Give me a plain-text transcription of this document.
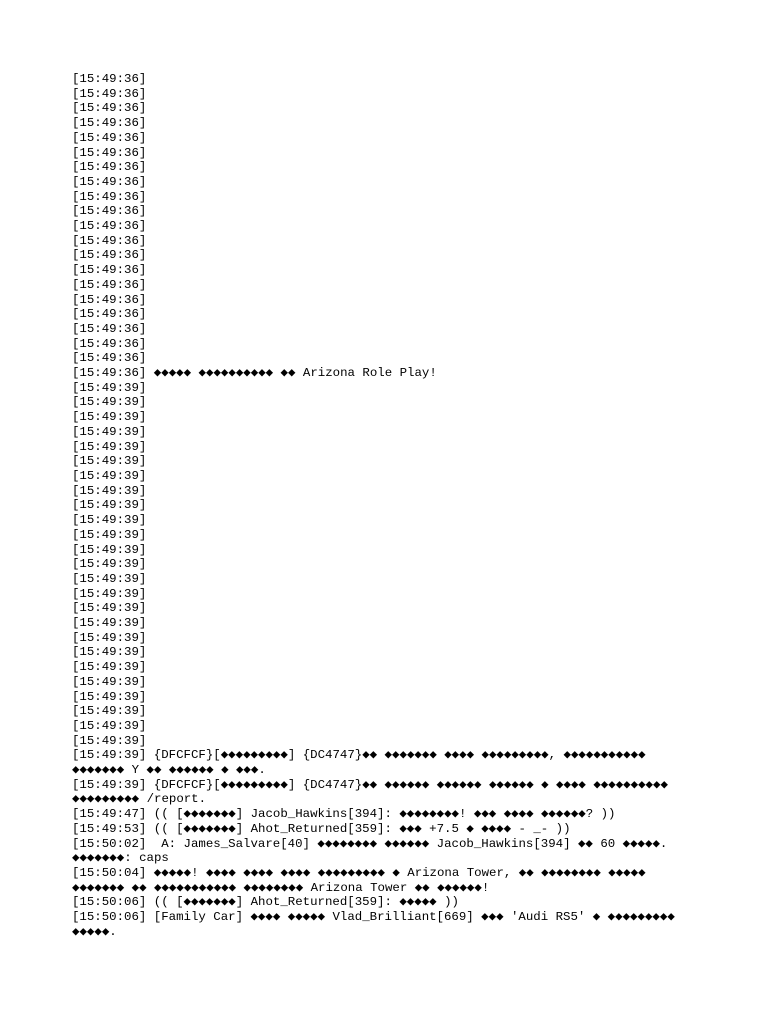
[15:49:36]
[15:49:36]
[15:49:36]
[15:49:36]
[15:49:36]
[15:49:36]
[15:49:36]
[15:49:36]
[15:49:36]
[15:49:36]
[15:49:36]
[15:49:36]
[15:49:36]
[15:49:36]
[15:49:36]
[15:49:36]
[15:49:36]
[15:49:36]
[15:49:36]
[15:49:36]
[15:49:36] ◆◆◆◆◆ ◆◆◆◆◆◆◆◆◆◆ ◆◆ Arizona Role Play!
[15:49:39]
[15:49:39]
[15:49:39]
[15:49:39]
[15:49:39]
[15:49:39]
[15:49:39]
[15:49:39]
[15:49:39]
[15:49:39]
[15:49:39]
[15:49:39]
[15:49:39]
[15:49:39]
[15:49:39]
[15:49:39]
[15:49:39]
[15:49:39]
[15:49:39]
[15:49:39]
[15:49:39]
[15:49:39]
[15:49:39]
[15:49:39]
[15:49:39]
[15:49:39] {DFCFCF}[◆◆◆◆◆◆◆◆◆] {DC4747}◆◆ ◆◆◆◆◆◆◆ ◆◆◆◆ ◆◆◆◆◆◆◆◆◆, ◆◆◆◆◆◆◆◆◆◆◆ ◆◆◆◆◆◆◆ Y ◆◆ ◆◆◆◆◆◆ ◆ ◆◆◆.
[15:49:39] {DFCFCF}[◆◆◆◆◆◆◆◆◆] {DC4747}◆◆ ◆◆◆◆◆◆ ◆◆◆◆◆◆ ◆◆◆◆◆◆ ◆ ◆◆◆◆ ◆◆◆◆◆◆◆◆◆◆ ◆◆◆◆◆◆◆◆◆ /report.
[15:49:47] (( [◆◆◆◆◆◆◆] Jacob_Hawkins[394]: ◆◆◆◆◆◆◆◆! ◆◆◆ ◆◆◆◆ ◆◆◆◆◆◆? ))
[15:49:53] (( [◆◆◆◆◆◆◆] Ahot_Returned[359]: ◆◆◆ +7.5 ◆ ◆◆◆◆ - _- ))
[15:50:02]  A: James_Salvare[40] ◆◆◆◆◆◆◆◆ ◆◆◆◆◆◆ Jacob_Hawkins[394] ◆◆ 60 ◆◆◆◆◆. ◆◆◆◆◆◆◆: caps
[15:50:04] ◆◆◆◆◆! ◆◆◆◆ ◆◆◆◆ ◆◆◆◆ ◆◆◆◆◆◆◆◆◆ ◆ Arizona Tower, ◆◆ ◆◆◆◆◆◆◆◆ ◆◆◆◆◆ ◆◆◆◆◆◆◆ ◆◆ ◆◆◆◆◆◆◆◆◆◆◆ ◆◆◆◆◆◆◆◆ Arizona Tower ◆◆ ◆◆◆◆◆◆!
[15:50:06] (( [◆◆◆◆◆◆◆] Ahot_Returned[359]: ◆◆◆◆◆ ))
[15:50:06] [Family Car] ◆◆◆◆ ◆◆◆◆◆ Vlad_Brilliant[669] ◆◆◆ 'Audi RS5' ◆ ◆◆◆◆◆◆◆◆◆ ◆◆◆◆◆.
